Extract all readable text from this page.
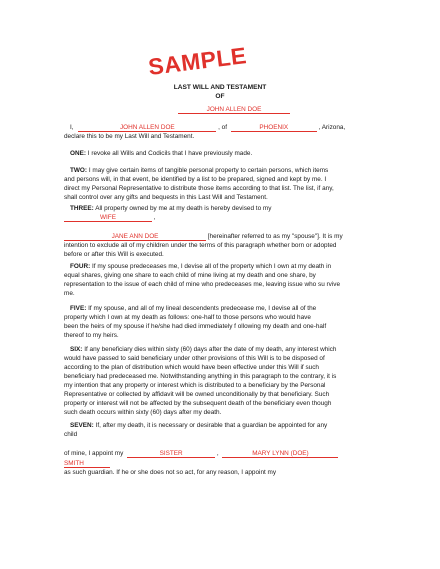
SAMPLE
LAST WILL AND TESTAMENT
OF
JOHN ALLEN DOE
I,	JOHN ALLEN DOE	, of	PHOENIX	, Arizona,
declare this to be my Last Will and Testament.
ONE: I revoke all Wills and Codicils that I have previously made.
TWO: I may give certain items of tangible personal property to certain persons, which items
and persons will, in that event, be identified by a list to be prepared, signed and kept by me. I
direct my Personal Representative to distribute those items according to that list. The list, if any,
shall control over any gifts and bequests in this Last Will and Testament.
THREE: All property owned by me at my death is hereby devised to my
WIFE	,
JANE ANN DOE	[hereinafter referred to as my "spouse"]. It is my
intention to exclude all of my children under the terms of this paragraph whether born or adopted
before or after this Will is executed.
FOUR: If my spouse predeceases me, I devise all of the property which I own at my death in
equal shares, giving one share to each child of mine living at my death and one share, by
representation to the issue of each child of mine who predeceases me, leaving issue who su rvive
me.
FIVE: If my spouse, and all of my lineal descendents predecease me, I devise all of the
property which I own at my death as follows: one-half to those persons who would have
been the heirs of my spouse if he/she had died immediately f ollowing my death and one-half
thereof to my heirs.
SIX: If any beneficiary dies within sixty (60) days after the date of my death, any interest which
would have passed to said beneficiary under other provisions of this Will is to be disposed of
according to the plan of distribution which would have been effective under this Will if such
beneficiary had predeceased me. Notwithstanding anything in this paragraph to the contrary, it is
my intention that any property or interest which is distributed to a beneficiary by the Personal
Representative or collected by affidavit will be owned unconditionally by that beneficiary. Such
property or interest will not be affected by the subsequent death of the beneficiary even though
such death occurs within sixty (60) days after my death.
SEVEN: If, after my death, it is necessary or desirable that a guardian be appointed for any
child
of mine, I appoint my	SISTER	,	MARY LYNN (DOE)
SMITH
as such guardian. If he or she does not so act, for any reason, I appoint my
